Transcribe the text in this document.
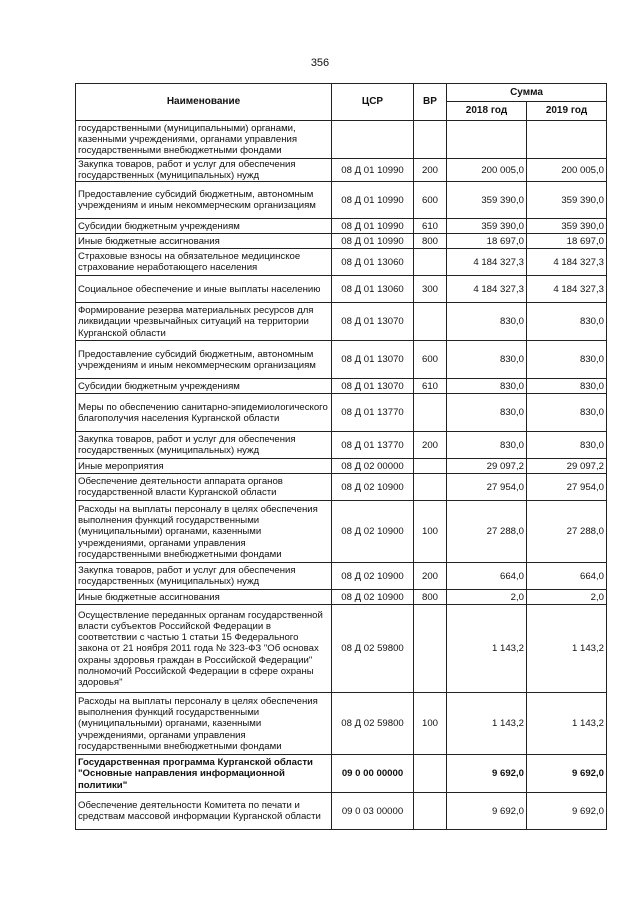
356
Наименование	ЦСР	ВР	Сумма	
			2018 год	2019 год
государственными (муниципальными) органами, казенными учреждениями, органами управления государственными внебюджетными фондами				
Закупка товаров, работ и услуг для обеспечения государственных (муниципальных) нужд	08 Д 01 10990	200	200 005,0	200 005,0
Предоставление субсидий бюджетным, автономным учреждениям и иным некоммерческим организациям	08 Д 01 10990	600	359 390,0	359 390,0
Субсидии бюджетным учреждениям	08 Д 01 10990	610	359 390,0	359 390,0
Иные бюджетные ассигнования	08 Д 01 10990	800	18 697,0	18 697,0
Страховые взносы на обязательное медицинское страхование неработающего населения	08 Д 01 13060		4 184 327,3	4 184 327,3
Социальное обеспечение и иные выплаты населению	08 Д 01 13060	300	4 184 327,3	4 184 327,3
Формирование резерва материальных ресурсов для ликвидации чрезвычайных ситуаций на территории Курганской области	08 Д 01 13070		830,0	830,0
Предоставление субсидий бюджетным, автономным учреждениям и иным некоммерческим организациям	08 Д 01 13070	600	830,0	830,0
Субсидии бюджетным учреждениям	08 Д 01 13070	610	830,0	830,0
Меры по обеспечению санитарно-эпидемиологического благополучия населения Курганской области	08 Д 01 13770		830,0	830,0
Закупка товаров, работ и услуг для обеспечения государственных (муниципальных) нужд	08 Д 01 13770	200	830,0	830,0
Иные мероприятия	08 Д 02 00000		29 097,2	29 097,2
Обеспечение деятельности аппарата органов государственной власти Курганской области	08 Д 02 10900		27 954,0	27 954,0
Расходы на выплаты персоналу в целях обеспечения выполнения функций государственными (муниципальными) органами, казенными учреждениями, органами управления государственными внебюджетными фондами	08 Д 02 10900	100	27 288,0	27 288,0
Закупка товаров, работ и услуг для обеспечения государственных (муниципальных) нужд	08 Д 02 10900	200	664,0	664,0
Иные бюджетные ассигнования	08 Д 02 10900	800	2,0	2,0
Осуществление переданных органам государственной власти субъектов Российской Федерации в соответствии с частью 1 статьи 15 Федерального закона от 21 ноября 2011 года № 323-ФЗ "Об основах охраны здоровья граждан в Российской Федерации" полномочий Российской Федерации в сфере охраны здоровья"	08 Д 02 59800		1 143,2	1 143,2
Расходы на выплаты персоналу в целях обеспечения выполнения функций государственными (муниципальными) органами, казенными учреждениями, органами управления государственными внебюджетными фондами	08 Д 02 59800	100	1 143,2	1 143,2
Государственная программа Курганской области "Основные направления информационной политики"	09 0 00 00000		9 692,0	9 692,0
Обеспечение деятельности Комитета по печати и средствам массовой информации Курганской области	09 0 03 00000		9 692,0	9 692,0
